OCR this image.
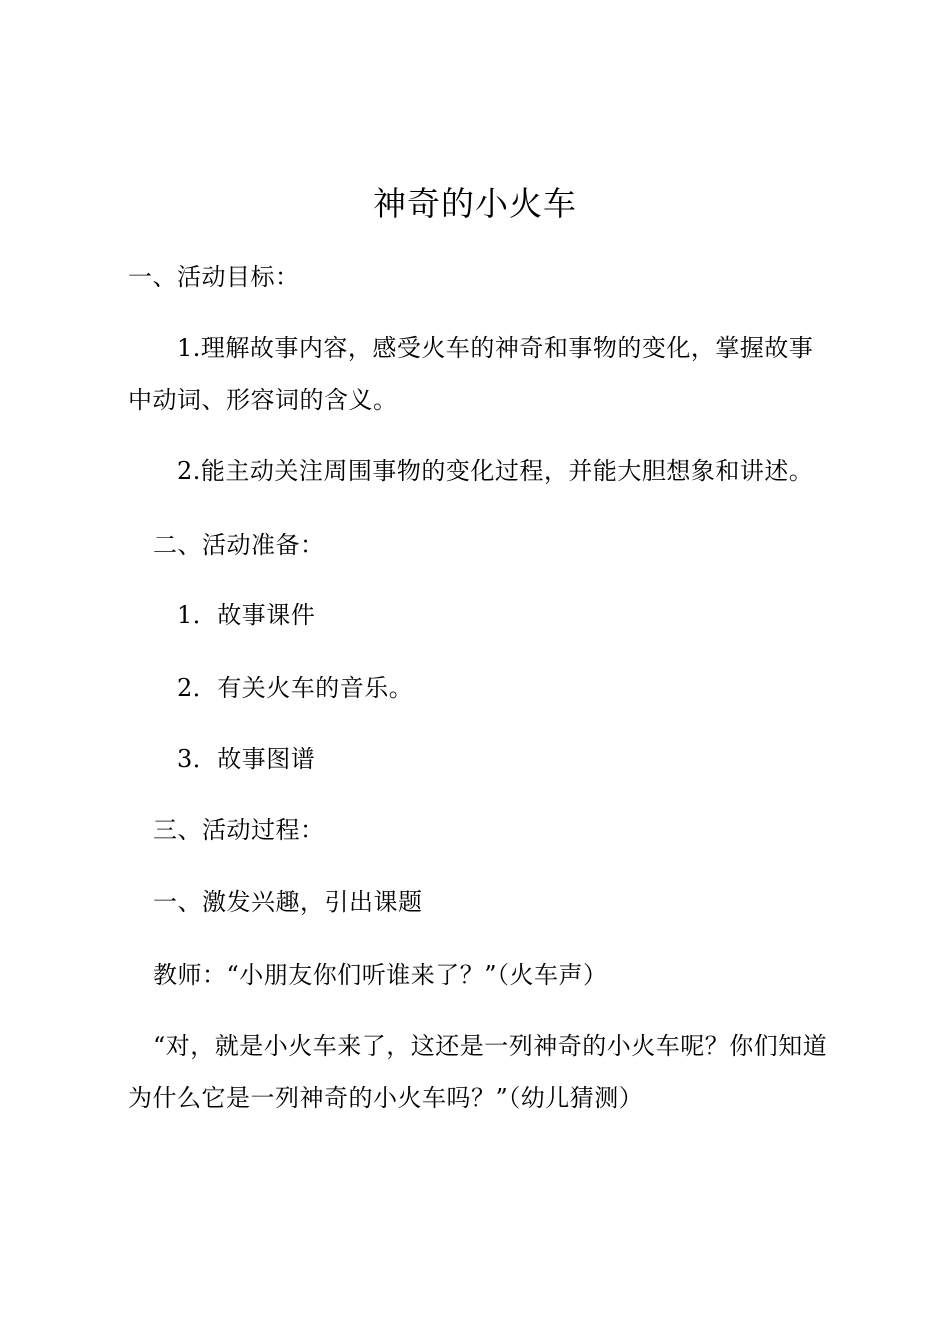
神奇的小火车
一、活动目标：
1.理解故事内容，感受火车的神奇和事物的变化，掌握故事中动词、形容词的含义。
2.能主动关注周围事物的变化过程，并能大胆想象和讲述。
二、活动准备：
1．故事课件
2．有关火车的音乐。
3．故事图谱
三、活动过程：
一、激发兴趣，引出课题
教师：“小朋友你们听谁来了？”（火车声）
“对，就是小火车来了，这还是一列神奇的小火车呢？你们知道为什么它是一列神奇的小火车吗？”（幼儿猜测）
